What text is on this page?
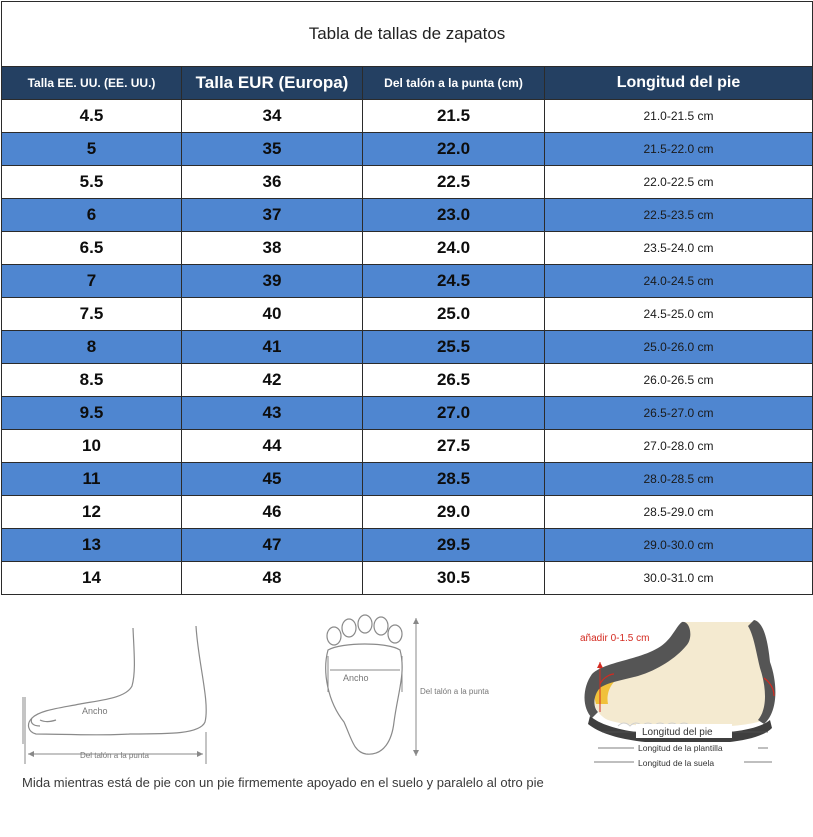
Tabla de tallas de zapatos			
Talla EE. UU. (EE. UU.)	Talla EUR (Europa)	Del talón a la punta (cm)	Longitud del pie
4.5	34	21.5	21.0-21.5 cm
5	35	22.0	21.5-22.0 cm
5.5	36	22.5	22.0-22.5 cm
6	37	23.0	22.5-23.5 cm
6.5	38	24.0	23.5-24.0 cm
7	39	24.5	24.0-24.5 cm
7.5	40	25.0	24.5-25.0 cm
8	41	25.5	25.0-26.0 cm
8.5	42	26.5	26.0-26.5 cm
9.5	43	27.0	26.5-27.0 cm
10	44	27.5	27.0-28.0 cm
11	45	28.5	28.0-28.5 cm
12	46	29.0	28.5-29.0 cm
13	47	29.5	29.0-30.0 cm
14	48	30.5	30.0-31.0 cm
Ancho
Del talón a la punta
Ancho
Del talón a la punta
añadir 0-1.5 cm
Longitud del pie
Longitud de la plantilla
Longitud de la suela
Mida mientras está de pie con un pie firmemente apoyado en el suelo y paralelo al otro pie
